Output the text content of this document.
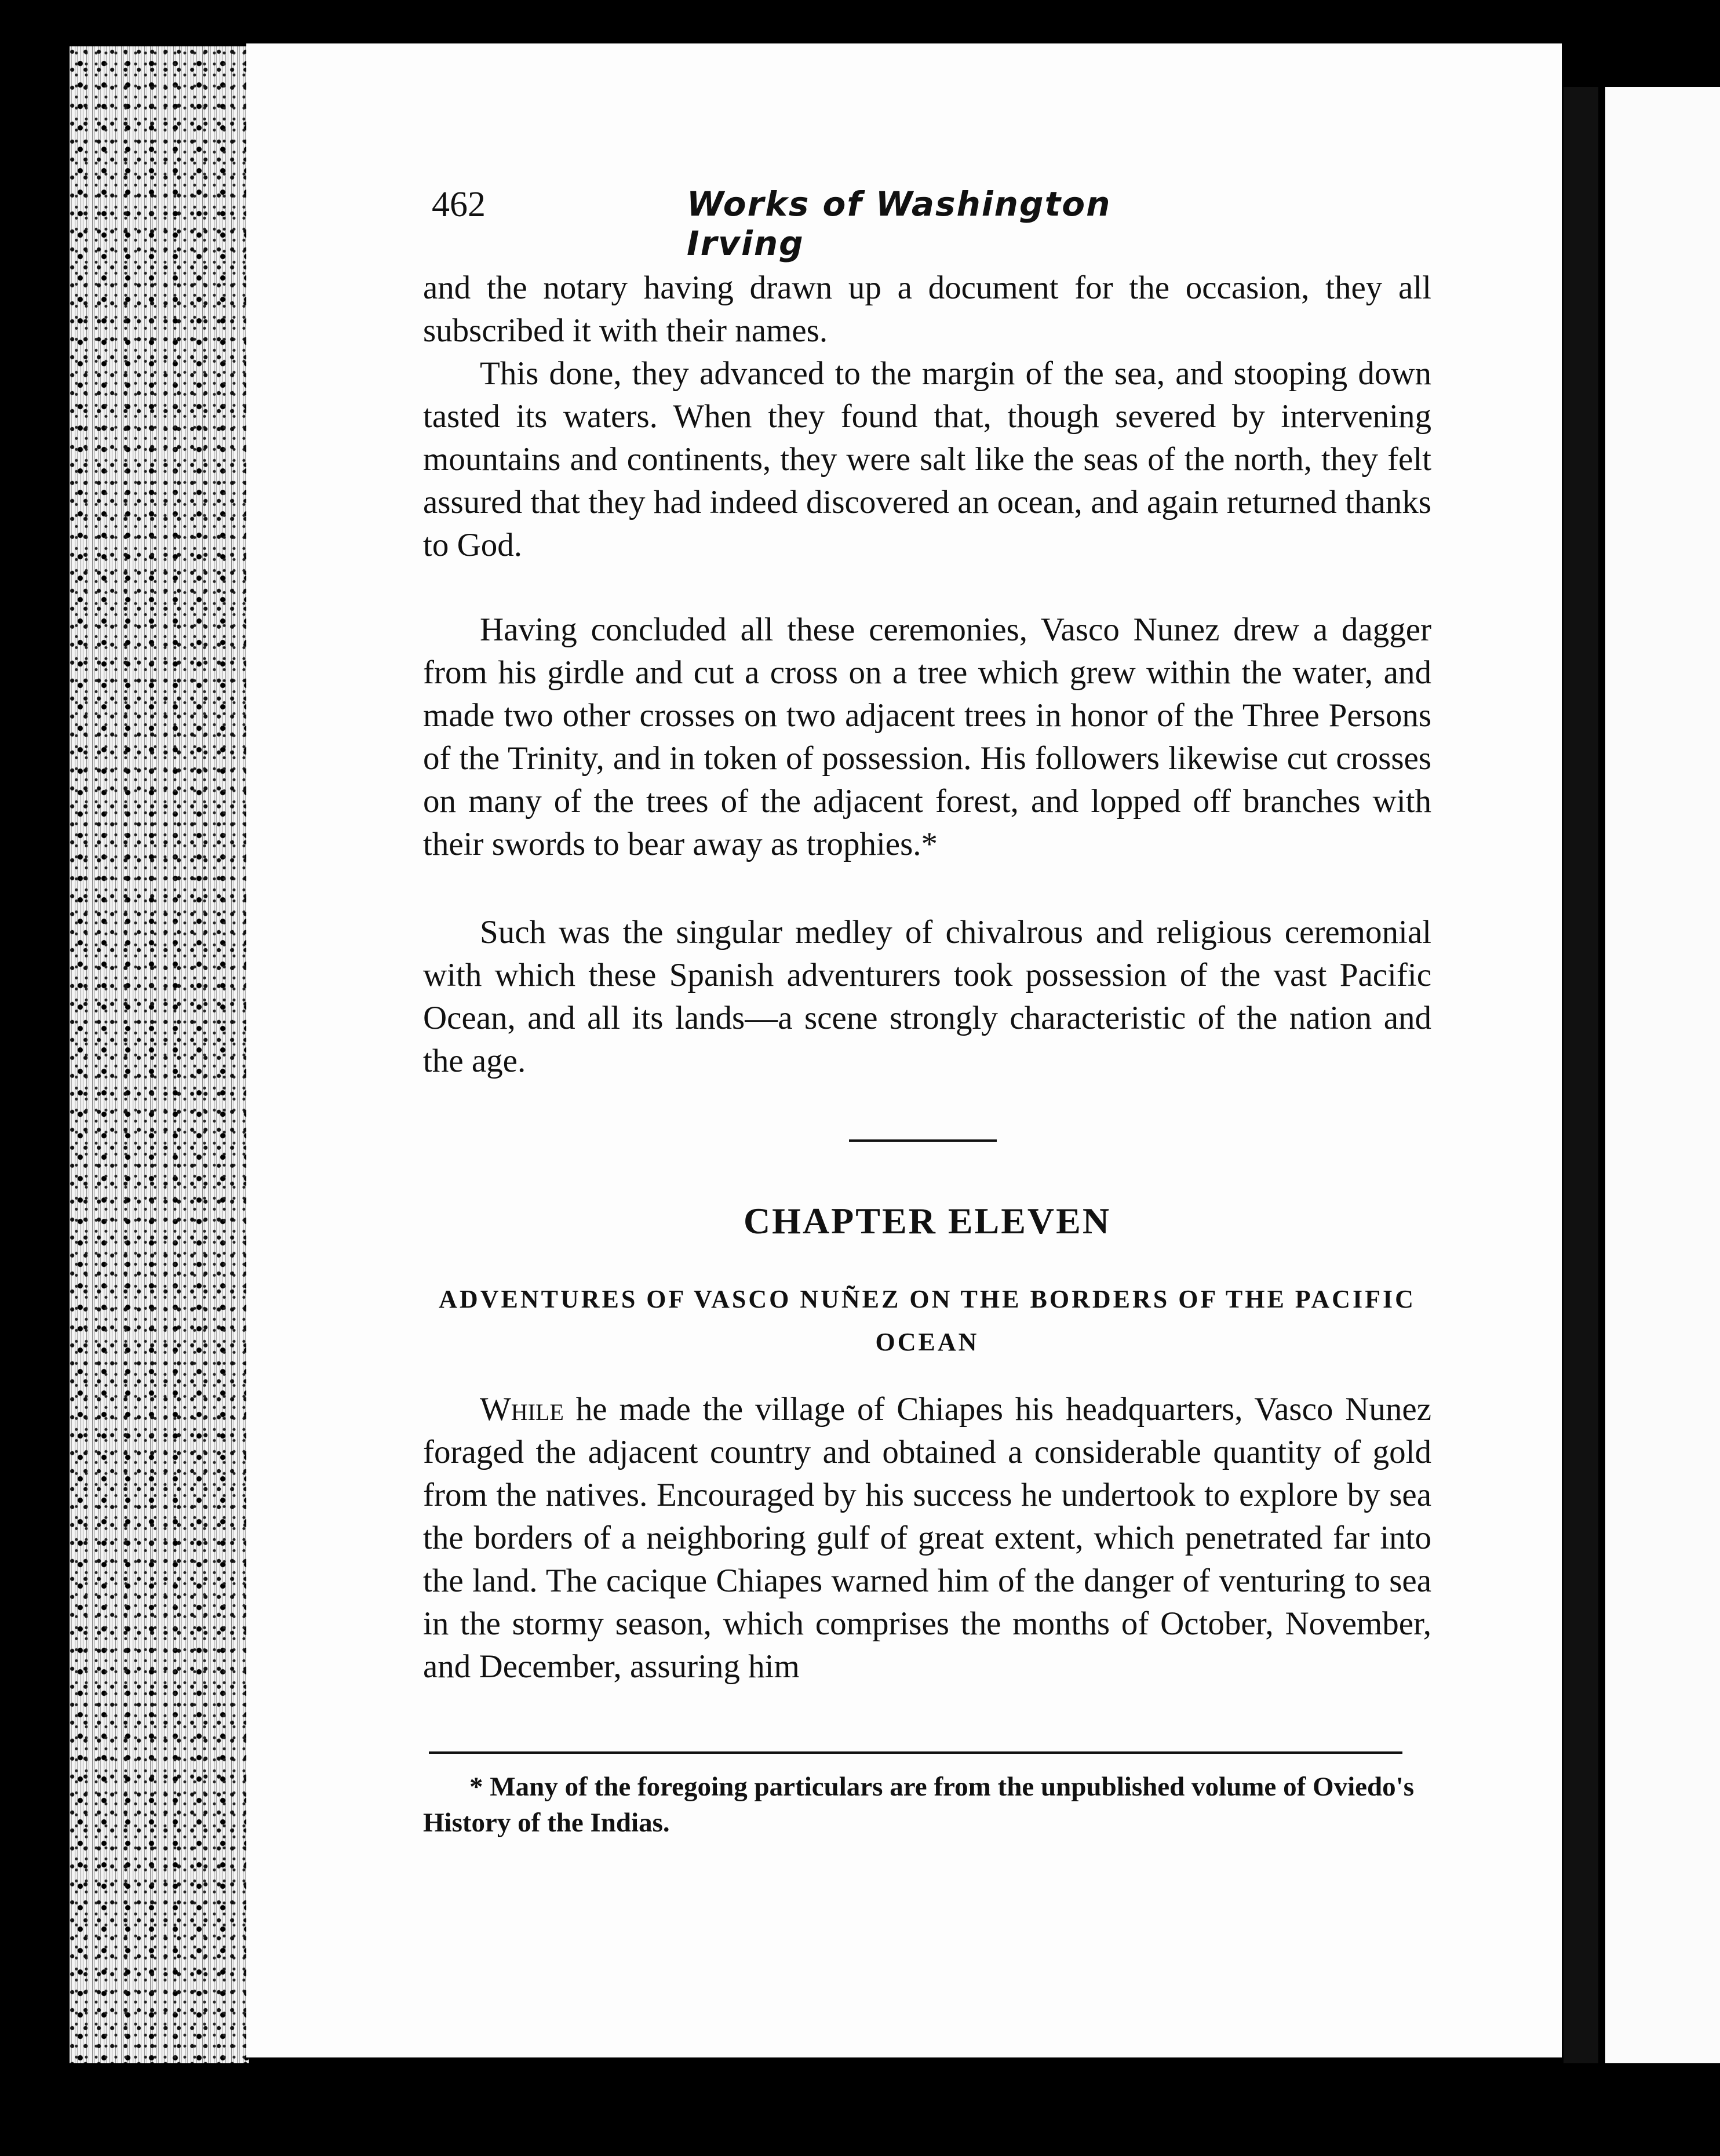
462	Works of Washington Irving

and the notary having drawn up a document for the occasion, they all subscribed it with their names.

This done, they advanced to the margin of the sea, and stooping down tasted its waters. When they found that, though severed by intervening mountains and continents, they were salt like the seas of the north, they felt assured that they had indeed discovered an ocean, and again returned thanks to God.

Having concluded all these ceremonies, Vasco Nunez drew a dagger from his girdle and cut a cross on a tree which grew within the water, and made two other crosses on two adjacent trees in honor of the Three Persons of the Trinity, and in token of possession. His followers likewise cut crosses on many of the trees of the adjacent forest, and lopped off branches with their swords to bear away as trophies.*

Such was the singular medley of chivalrous and religious ceremonial with which these Spanish adventurers took possession of the vast Pacific Ocean, and all its lands—a scene strongly characteristic of the nation and the age.

CHAPTER ELEVEN
ADVENTURES OF VASCO NUÑEZ ON THE BORDERS OF THE PACIFIC OCEAN

While he made the village of Chiapes his headquarters, Vasco Nunez foraged the adjacent country and obtained a considerable quantity of gold from the natives. Encouraged by his success he undertook to explore by sea the borders of a neighboring gulf of great extent, which penetrated far into the land. The cacique Chiapes warned him of the danger of venturing to sea in the stormy season, which comprises the months of October, November, and December, assuring him

* Many of the foregoing particulars are from the unpublished volume of Oviedo's History of the Indias.
